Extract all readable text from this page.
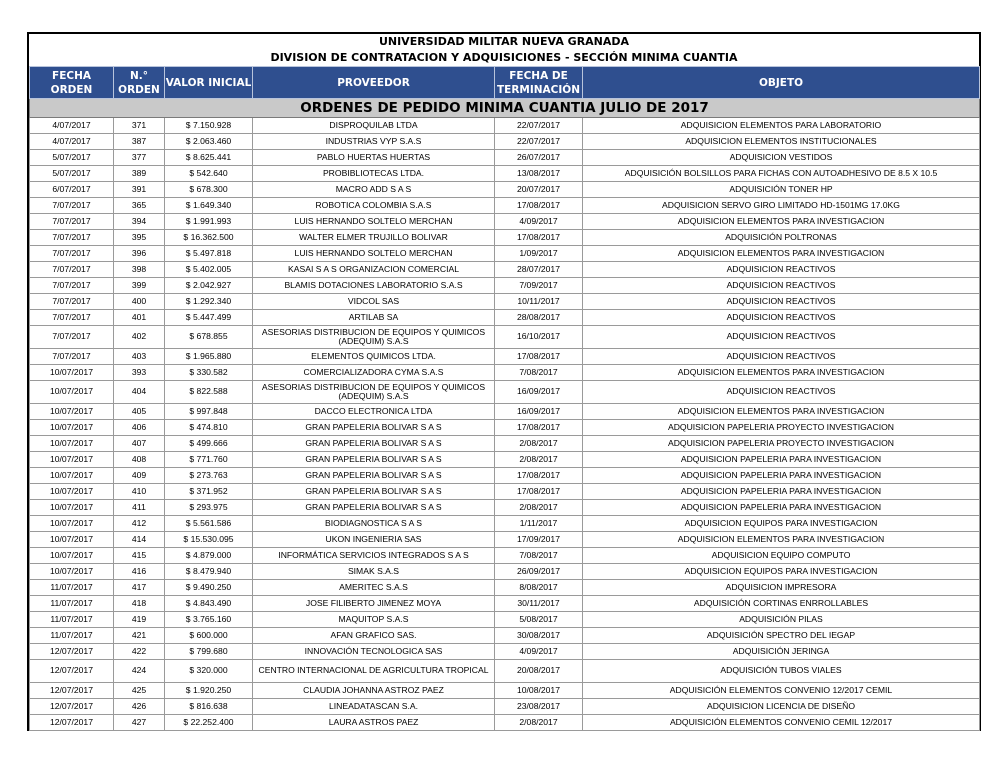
UNIVERSIDAD MILITAR NUEVA GRANADA
DIVISION DE CONTRATACION Y ADQUISICIONES - SECCIÓN MINIMA CUANTIA
FECHA ORDEN	N.° ORDEN	VALOR INICIAL	PROVEEDOR	FECHA DE TERMINACIÓN	OBJETO
ORDENES DE PEDIDO MINIMA CUANTIA JULIO DE 2017					
4/07/2017	371	$ 7.150.928	DISPROQUILAB LTDA	22/07/2017	ADQUISICION ELEMENTOS PARA LABORATORIO
4/07/2017	387	$ 2.063.460	INDUSTRIAS VYP S.A.S	22/07/2017	ADQUISICION ELEMENTOS INSTITUCIONALES
5/07/2017	377	$ 8.625.441	PABLO HUERTAS HUERTAS	26/07/2017	ADQUISICION VESTIDOS
5/07/2017	389	$ 542.640	PROBIBLIOTECAS LTDA.	13/08/2017	ADQUISICIÓN BOLSILLOS PARA FICHAS CON AUTOADHESIVO DE 8.5 X 10.5
6/07/2017	391	$ 678.300	MACRO ADD S A S	20/07/2017	ADQUISICIÓN TONER HP
7/07/2017	365	$ 1.649.340	ROBOTICA COLOMBIA S.A.S	17/08/2017	ADQUISICION SERVO GIRO LIMITADO HD-1501MG 17.0KG
7/07/2017	394	$ 1.991.993	LUIS HERNANDO SOLTELO MERCHAN	4/09/2017	ADQUISICION ELEMENTOS PARA INVESTIGACION
7/07/2017	395	$ 16.362.500	WALTER ELMER TRUJILLO BOLIVAR	17/08/2017	ADQUISICIÓN POLTRONAS
7/07/2017	396	$ 5.497.818	LUIS HERNANDO SOLTELO MERCHAN	1/09/2017	ADQUISICION ELEMENTOS PARA INVESTIGACION
7/07/2017	398	$ 5.402.005	KASAI S A S ORGANIZACION COMERCIAL	28/07/2017	ADQUISICION REACTIVOS
7/07/2017	399	$ 2.042.927	BLAMIS DOTACIONES LABORATORIO S.A.S	7/09/2017	ADQUISICION REACTIVOS
7/07/2017	400	$ 1.292.340	VIDCOL SAS	10/11/2017	ADQUISICION REACTIVOS
7/07/2017	401	$ 5.447.499	ARTILAB SA	28/08/2017	ADQUISICION REACTIVOS
7/07/2017	402	$ 678.855	ASESORIAS DISTRIBUCION DE EQUIPOS Y QUIMICOS (ADEQUIM) S.A.S	16/10/2017	ADQUISICION REACTIVOS
7/07/2017	403	$ 1.965.880	ELEMENTOS QUIMICOS LTDA.	17/08/2017	ADQUISICION REACTIVOS
10/07/2017	393	$ 330.582	COMERCIALIZADORA CYMA S.A.S	7/08/2017	ADQUISICION ELEMENTOS PARA INVESTIGACION
10/07/2017	404	$ 822.588	ASESORIAS DISTRIBUCION DE EQUIPOS Y QUIMICOS (ADEQUIM) S.A.S	16/09/2017	ADQUISICION REACTIVOS
10/07/2017	405	$ 997.848	DACCO ELECTRONICA LTDA	16/09/2017	ADQUISICION ELEMENTOS PARA INVESTIGACION
10/07/2017	406	$ 474.810	GRAN PAPELERIA BOLIVAR S A S	17/08/2017	ADQUISICION PAPELERIA PROYECTO INVESTIGACION
10/07/2017	407	$ 499.666	GRAN PAPELERIA BOLIVAR S A S	2/08/2017	ADQUISICION PAPELERIA PROYECTO INVESTIGACION
10/07/2017	408	$ 771.760	GRAN PAPELERIA BOLIVAR S A S	2/08/2017	ADQUISICION PAPELERIA PARA INVESTIGACION
10/07/2017	409	$ 273.763	GRAN PAPELERIA BOLIVAR S A S	17/08/2017	ADQUISICION PAPELERIA PARA INVESTIGACION
10/07/2017	410	$ 371.952	GRAN PAPELERIA BOLIVAR S A S	17/08/2017	ADQUISICION PAPELERIA PARA INVESTIGACION
10/07/2017	411	$ 293.975	GRAN PAPELERIA BOLIVAR S A S	2/08/2017	ADQUISICION PAPELERIA PARA INVESTIGACION
10/07/2017	412	$ 5.561.586	BIODIAGNOSTICA S A S	1/11/2017	ADQUISICION EQUIPOS PARA INVESTIGACION
10/07/2017	414	$ 15.530.095	UKON INGENIERIA SAS	17/09/2017	ADQUISICION ELEMENTOS PARA INVESTIGACION
10/07/2017	415	$ 4.879.000	INFORMÁTICA SERVICIOS INTEGRADOS S A S	7/08/2017	ADQUISICION EQUIPO COMPUTO
10/07/2017	416	$ 8.479.940	SIMAK S.A.S	26/09/2017	ADQUISICION EQUIPOS PARA INVESTIGACION
11/07/2017	417	$ 9.490.250	AMERITEC S.A.S	8/08/2017	ADQUISICION IMPRESORA
11/07/2017	418	$ 4.843.490	JOSE FILIBERTO JIMENEZ MOYA	30/11/2017	ADQUISICIÓN CORTINAS ENRROLLABLES
11/07/2017	419	$ 3.765.160	MAQUITOP S.A.S	5/08/2017	ADQUISICIÓN PILAS
11/07/2017	421	$ 600.000	AFAN GRAFICO SAS.	30/08/2017	ADQUISICIÓN SPECTRO DEL IEGAP
12/07/2017	422	$ 799.680	INNOVACIÓN TECNOLOGICA SAS	4/09/2017	ADQUISICIÓN JERINGA
12/07/2017	424	$ 320.000	CENTRO INTERNACIONAL DE AGRICULTURA TROPICAL	20/08/2017	ADQUISICIÓN TUBOS VIALES
12/07/2017	425	$ 1.920.250	CLAUDIA JOHANNA ASTROZ PAEZ	10/08/2017	ADQUISICIÓN ELEMENTOS CONVENIO 12/2017 CEMIL
12/07/2017	426	$ 816.638	LINEADATASCAN S.A.	23/08/2017	ADQUISICION LICENCIA DE DISEÑO
12/07/2017	427	$ 22.252.400	LAURA ASTROS PAEZ	2/08/2017	ADQUISICIÓN ELEMENTOS CONVENIO CEMIL 12/2017
